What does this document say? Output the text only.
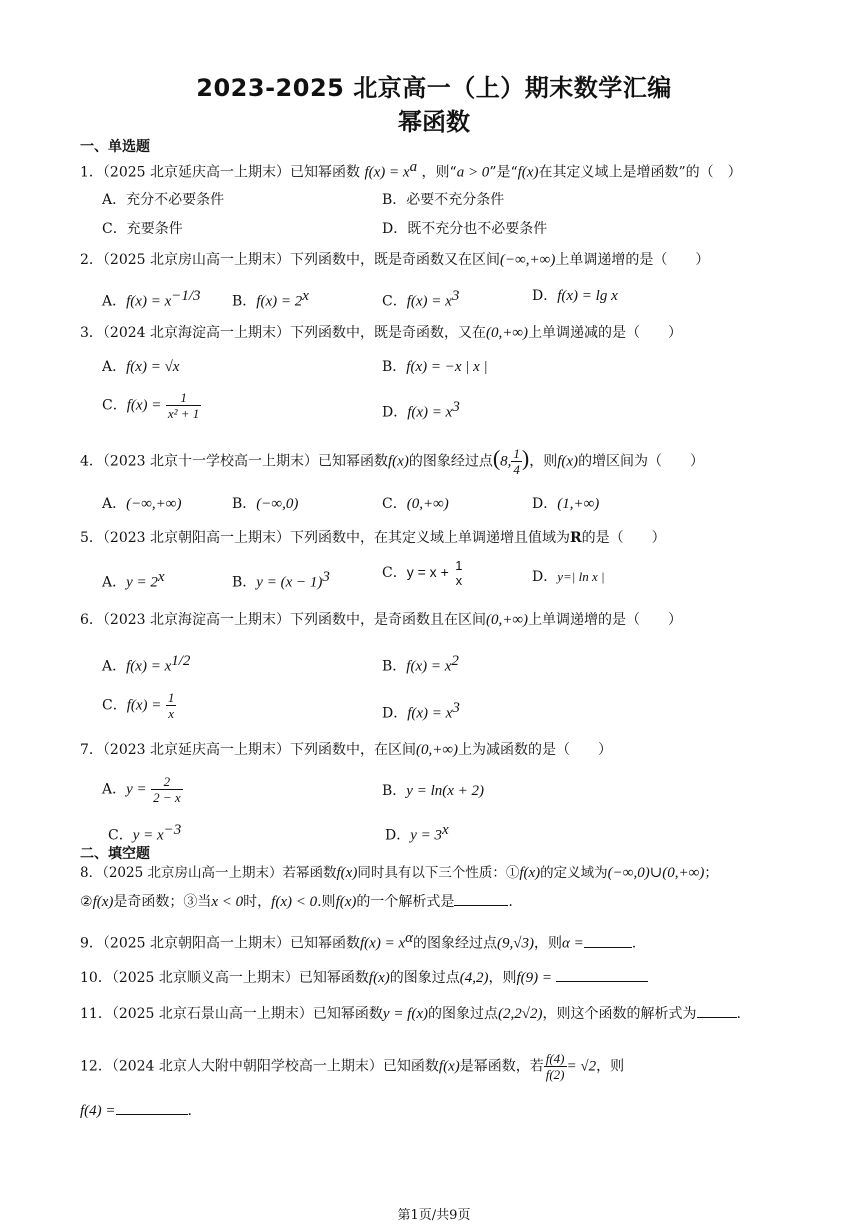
2023-2025 北京高一（上）期末数学汇编
幂函数
一、单选题
1．（2025 北京延庆高一上期末）已知幂函数 $f(x) = x^a$ ，则“a > 0”是“f(x)在其定义域上是增函数”的（　）
A．充分不必要条件	B．必要不充分条件
C．充要条件	D．既不充分也不必要条件
2．（2025 北京房山高一上期末）下列函数中，既是奇函数又在区间(−∞,+∞)上单调递增的是（　　）
A．$f(x) = x^{-1/3}$ B．$f(x) = 2^x$	C．$f(x) = x^3$	D．f(x) = lg x
3．（2024 北京海淀高一上期末）下列函数中，既是奇函数，又在(0,+∞)上单调递减的是（　　）
A．f(x) = √x	B．f(x) = −x | x |
C．$f(x) = \frac{1}{\text{x² + 1}}$	D．$f(x) = x^3$
4．（2023 北京十一学校高一上期末）已知幂函数f(x)的图象经过点(8, $\frac{1}{4}$ )，则f(x)的增区间为（　　）
A．(−∞,+∞)	B．(−∞,0)	C．(0,+∞)	D．(1,+∞)
5．（2023 北京朝阳高一上期末）下列函数中，在其定义域上单调递增且值域为R的是（　　）
A．$y = 2^x$	B．$y = (x - 1)^3$	C．y = x + 1
x	D．y=| ln x |
6．（2023 北京海淀高一上期末）下列函数中，是奇函数且在区间(0,+∞)上单调递增的是（　　）
A．$f(x) = x^{1/2}$	B．$f(x) = x^2$
C．$f(x) = \frac{1}{x}$	D．$f(x) = x^3$
7．（2023 北京延庆高一上期末）下列函数中，在区间(0,+∞)上为减函数的是（　　）
A．$y = \frac{2}{2 - x}$	B．y = ln(x + 2)
C．$y = x^{-3}$	D．$y = 3^x$
二、填空题
8．（2025 北京房山高一上期末）若幂函数f(x)同时具有以下三个性质：①f(x)的定义域为(−∞,0)∪(0,+∞)；
②f(x)是奇函数；③当x < 0时，f(x) < 0.则f(x)的一个解析式是	.
9．（2025 北京朝阳高一上期末）已知幂函数$f(x) = x^\alpha$的图象经过点(9,√3)，则α =	.
10．（2025 北京顺义高一上期末）已知幂函数f(x)的图象过点(4,2)，则f(9) =
11．（2025 北京石景山高一上期末）已知幂函数y = f(x)的图象过点(2,2√2)，则这个函数的解析式为	.
12．（2024 北京人大附中朝阳学校高一上期末）已知函数f(x)是幂函数，若 $\frac{f(4)}{f(2)} = √2$，则
f(4) =	.
第1页/共9页
